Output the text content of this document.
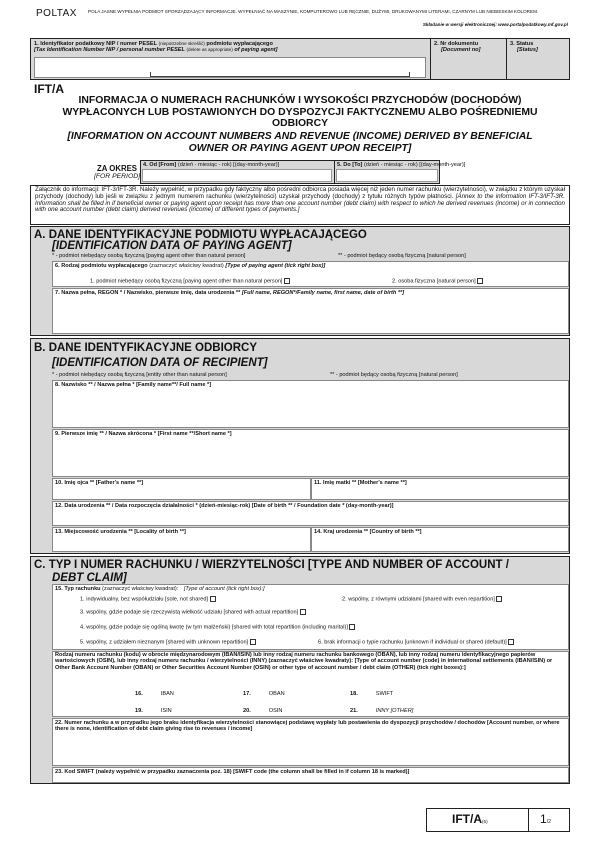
POLTAX POLA JASNE WYPEŁNIA PODMIOT SPORZĄDZAJĄCY INFORMACJE. WYPEŁNIAĆ NA MASZYNIE, KOMPUTEROWO LUB RĘCZNIE, DUŻYMI, DRUKOWANYMI LITERAMI, CZARNYM LUB NIEBIESKIM KOLOREM.
Składanie w wersji elektronicznej: www.portalpodatkowy.mf.gov.pl
1. Identyfikator podatkowy NIP / numer PESEL (niepotrzebne skreślić) podmiotu wypłacającego
[Tax Identification Number NIP / personal number PESEL (delete as appropriate) of paying agent]
2. Nr dokumentu
[Document no]
3. Status
[Status]
IFT/A
INFORMACJA O NUMERACH RACHUNKÓW I WYSOKOŚCI PRZYCHODÓW (DOCHODÓW) WYPŁACONYCH LUB POSTAWIONYCH DO DYSPOZYCJI FAKTYCZNEMU ALBO POŚREDNIEMU ODBIORCY
[INFORMATION ON ACCOUNT NUMBERS AND REVENUE (INCOME) DERIVED BY BENEFICIAL OWNER OR PAYING AGENT UPON RECEIPT]
ZA OKRES
[FOR PERIOD]
4. Od [From] (dzień - miesiąc - rok) [(day-month-year)]	5. Do [To] (dzień - miesiąc - rok) [(day-month-year)]
Załącznik do informacji: IFT-3/IFT-3R. Należy wypełnić, w przypadku gdy faktyczny albo pośredni odbiorca posiada więcej niż jeden numer rachunku (wierzytelności), w związku z którym uzyskał przychody (dochody) lub jeśli w związku z jednym numerem rachunku (wierzytelności) uzyskał przychody (dochody) z tytułu różnych typów płatności. [Annex to the information IFT-3/IFT-3R. Information shall be filled in if beneficial owner or paying agent upon receipt has more than one account number (debt claim) with respect to which he derived revenues (income) or in connection with one account number (debt claim) derived revenues (income) of different types of payments.]
A. DANE IDENTYFIKACYJNE PODMIOTU WYPŁACAJĄCEGO
[IDENTIFICATION DATA OF PAYING AGENT]
* - podmiot niebędący osobą fizyczną [paying agent other than natural person]	** - podmiot będący osobą fizyczną [natural person]
6. Rodzaj podmiotu wypłacającego (zaznaczyć właściwy kwadrat) [Type of paying agent (tick right box)]
1. podmiot niebędący osobą fizyczną [paying agent other than natural person]	2. osoba fizyczna [natural person]
7. Nazwa pełna, REGON * / Nazwisko, pierwsze imię, data urodzenia ** [Full name, REGON*/Family name, first name, date of birth **]
B. DANE IDENTYFIKACYJNE ODBIORCY
[IDENTIFICATION DATA OF RECIPIENT]
* - podmiot niebędący osobą fizyczną [entity other than natural person]	** - podmiot będący osobą fizyczną [natural person]
8. Nazwisko ** / Nazwa pełna * [Family name**/ Full name *]
9. Pierwsze imię ** / Nazwa skrócona * [First name **/Short name *]
10. Imię ojca ** [Father's name **]	11. Imię matki ** [Mother's name **]
12. Data urodzenia ** / Data rozpoczęcia działalności * (dzień-miesiąc-rok) [Date of birth ** / Foundation date * (day-month-year)]
13. Miejscowość urodzenia ** [Locality of birth **]	14. Kraj urodzenia ** [Country of birth **]
C. TYP I NUMER RACHUNKU / WIERZYTELNOŚCI [TYPE AND NUMBER OF ACCOUNT /
DEBT CLAIM]
15. Typ rachunku (zaznaczyć właściwy kwadrat): [Type of account (tick right box):]
1. indywidualny, bez współudziału [sole, not shared]	2. wspólny, z równymi udziałami [shared with even repartition]
3. wspólny, gdzie podaje się rzeczywistą wielkość udziału [shared with actual repartition]
4. wspólny, gdzie podaje się ogólną kwotę (w tym małżeński) [shared with total repartition (including marital)]
5. wspólny, z udziałem nieznanym [shared with unknown repartition]	6. brak informacji o typie rachunku [unknown if individual or shared (default)]
Rodzaj numeru rachunku (kodu) w obrocie międzynarodowym (IBAN/ISIN) lub inny rodzaj numeru rachunku bankowego (OBAN), lub inny rodzaj numeru identyfikacyjnego papierów wartościowych (OSIN), lub inny rodzaj numeru rachunku / wierzytelności (INNY) (zaznaczyć właściwe kwadraty): [Type of account number (code) in international settlements (IBAN/ISIN) or Other Bank Account Number (OBAN) or Other Securities Account Number (OSIN) or other type of account number / debt claim (OTHER) (tick right boxes):]
16.	IBAN	17.	OBAN	18.	SWIFT
19.	ISIN	20.	OSIN	21.	INNY [OTHER]
22. Numer rachunku a w przypadku jego braku identyfikacja wierzytelności stanowiącej podstawę wypłaty lub postawienia do dyspozycji przychodów / dochodów [Account number, or where there is none, identification of debt claim giving rise to revenues / income]
23. Kod SWIFT (należy wypełnić w przypadku zaznaczenia poz. 18) [SWIFT code (the column shall be filled in if column 18 is marked)]
IFT/A(5)	1/2
